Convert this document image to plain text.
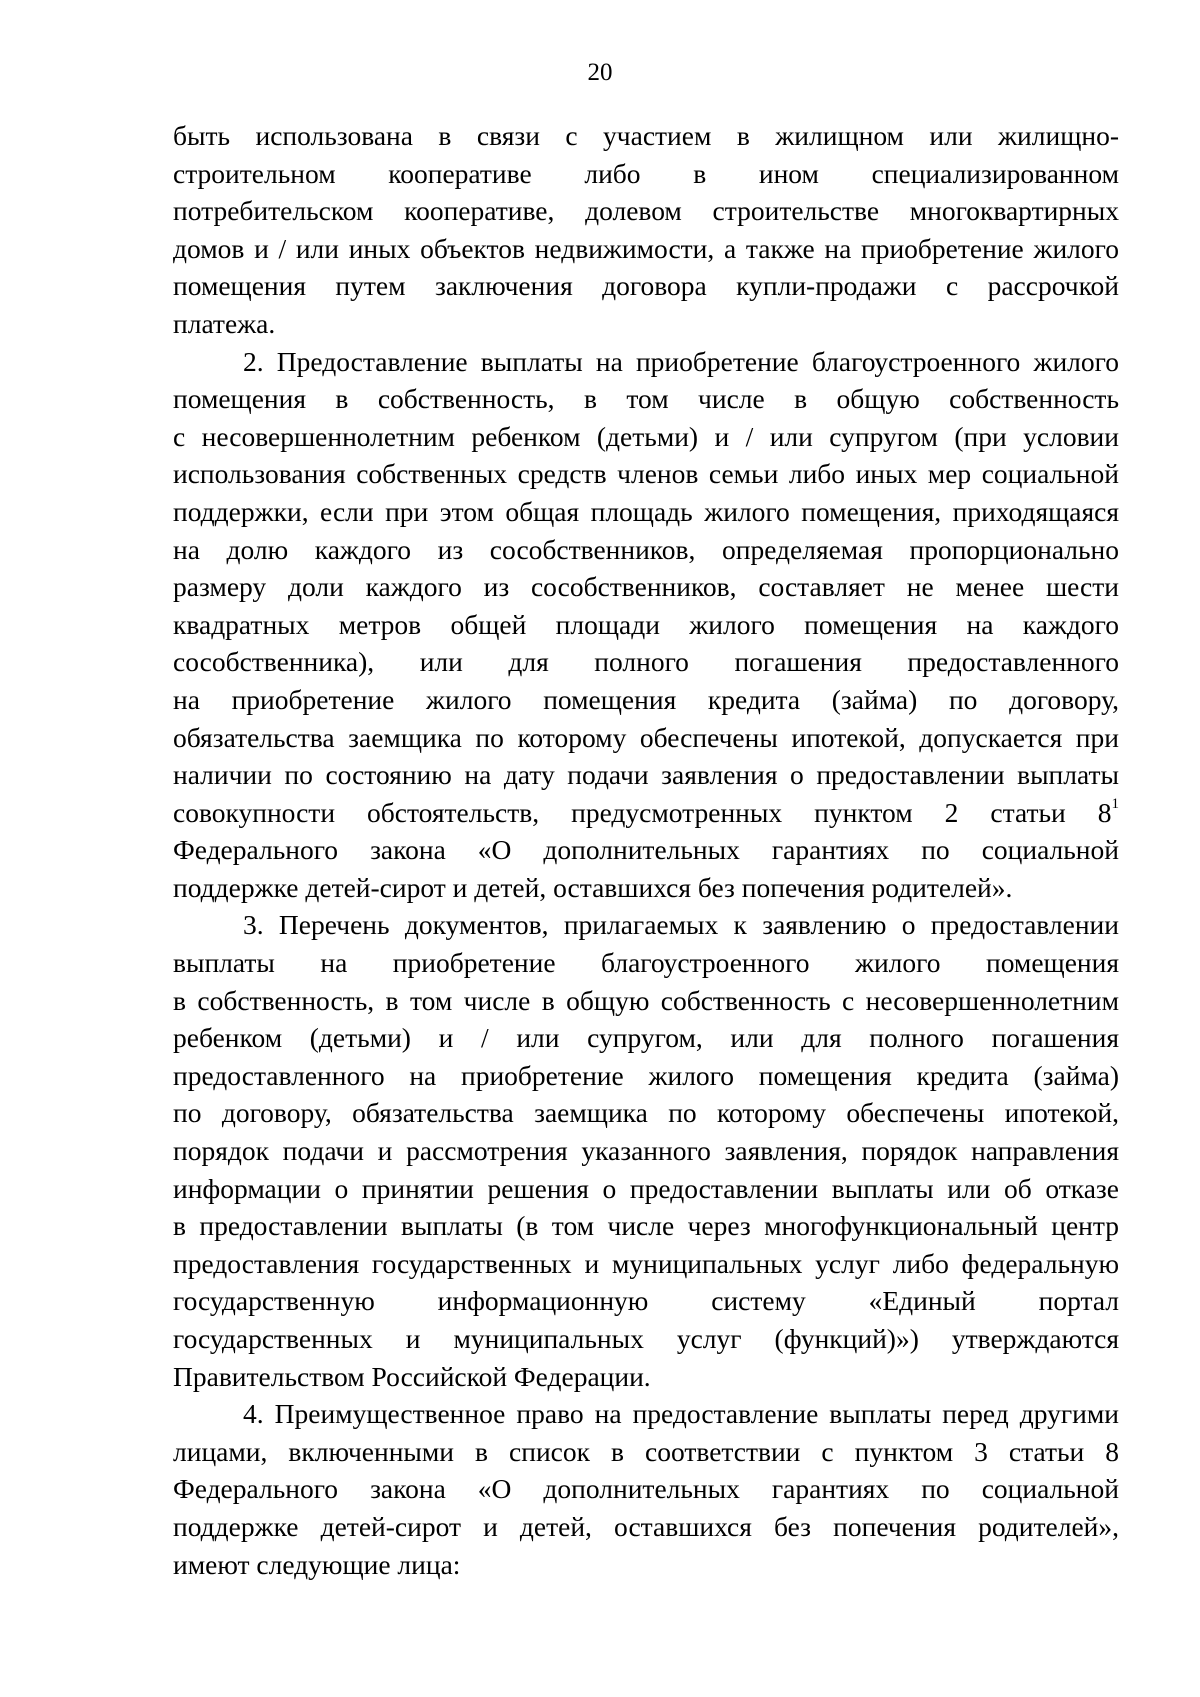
20

быть использована в связи с участием в жилищном или жилищно-
строительном кооперативе либо в ином специализированном
потребительском кооперативе, долевом строительстве многоквартирных
домов и / или иных объектов недвижимости, а также на приобретение жилого
помещения путем заключения договора купли-продажи с рассрочкой
платежа.

2. Предоставление выплаты на приобретение благоустроенного жилого
помещения в собственность, в том числе в общую собственность
с несовершеннолетним ребенком (детьми) и / или супругом (при условии
использования собственных средств членов семьи либо иных мер социальной
поддержки, если при этом общая площадь жилого помещения, приходящаяся
на долю каждого из сособственников, определяемая пропорционально
размеру доли каждого из сособственников, составляет не менее шести
квадратных метров общей площади жилого помещения на каждого
сособственника), или для полного погашения предоставленного
на приобретение жилого помещения кредита (займа) по договору,
обязательства заемщика по которому обеспечены ипотекой, допускается при
наличии по состоянию на дату подачи заявления о предоставлении выплаты
совокупности обстоятельств, предусмотренных пунктом 2 статьи $8^1$
Федерального закона «О дополнительных гарантиях по социальной
поддержке детей-сирот и детей, оставшихся без попечения родителей».

3. Перечень документов, прилагаемых к заявлению о предоставлении
выплаты на приобретение благоустроенного жилого помещения
в собственность, в том числе в общую собственность с несовершеннолетним
ребенком (детьми) и / или супругом, или для полного погашения
предоставленного на приобретение жилого помещения кредита (займа)
по договору, обязательства заемщика по которому обеспечены ипотекой,
порядок подачи и рассмотрения указанного заявления, порядок направления
информации о принятии решения о предоставлении выплаты или об отказе
в предоставлении выплаты (в том числе через многофункциональный центр
предоставления государственных и муниципальных услуг либо федеральную
государственную информационную систему «Единый портал
государственных и муниципальных услуг (функций)») утверждаются
Правительством Российской Федерации.

4. Преимущественное право на предоставление выплаты перед другими
лицами, включенными в список в соответствии с пунктом 3 статьи 8
Федерального закона «О дополнительных гарантиях по социальной
поддержке детей-сирот и детей, оставшихся без попечения родителей»,
имеют следующие лица:
